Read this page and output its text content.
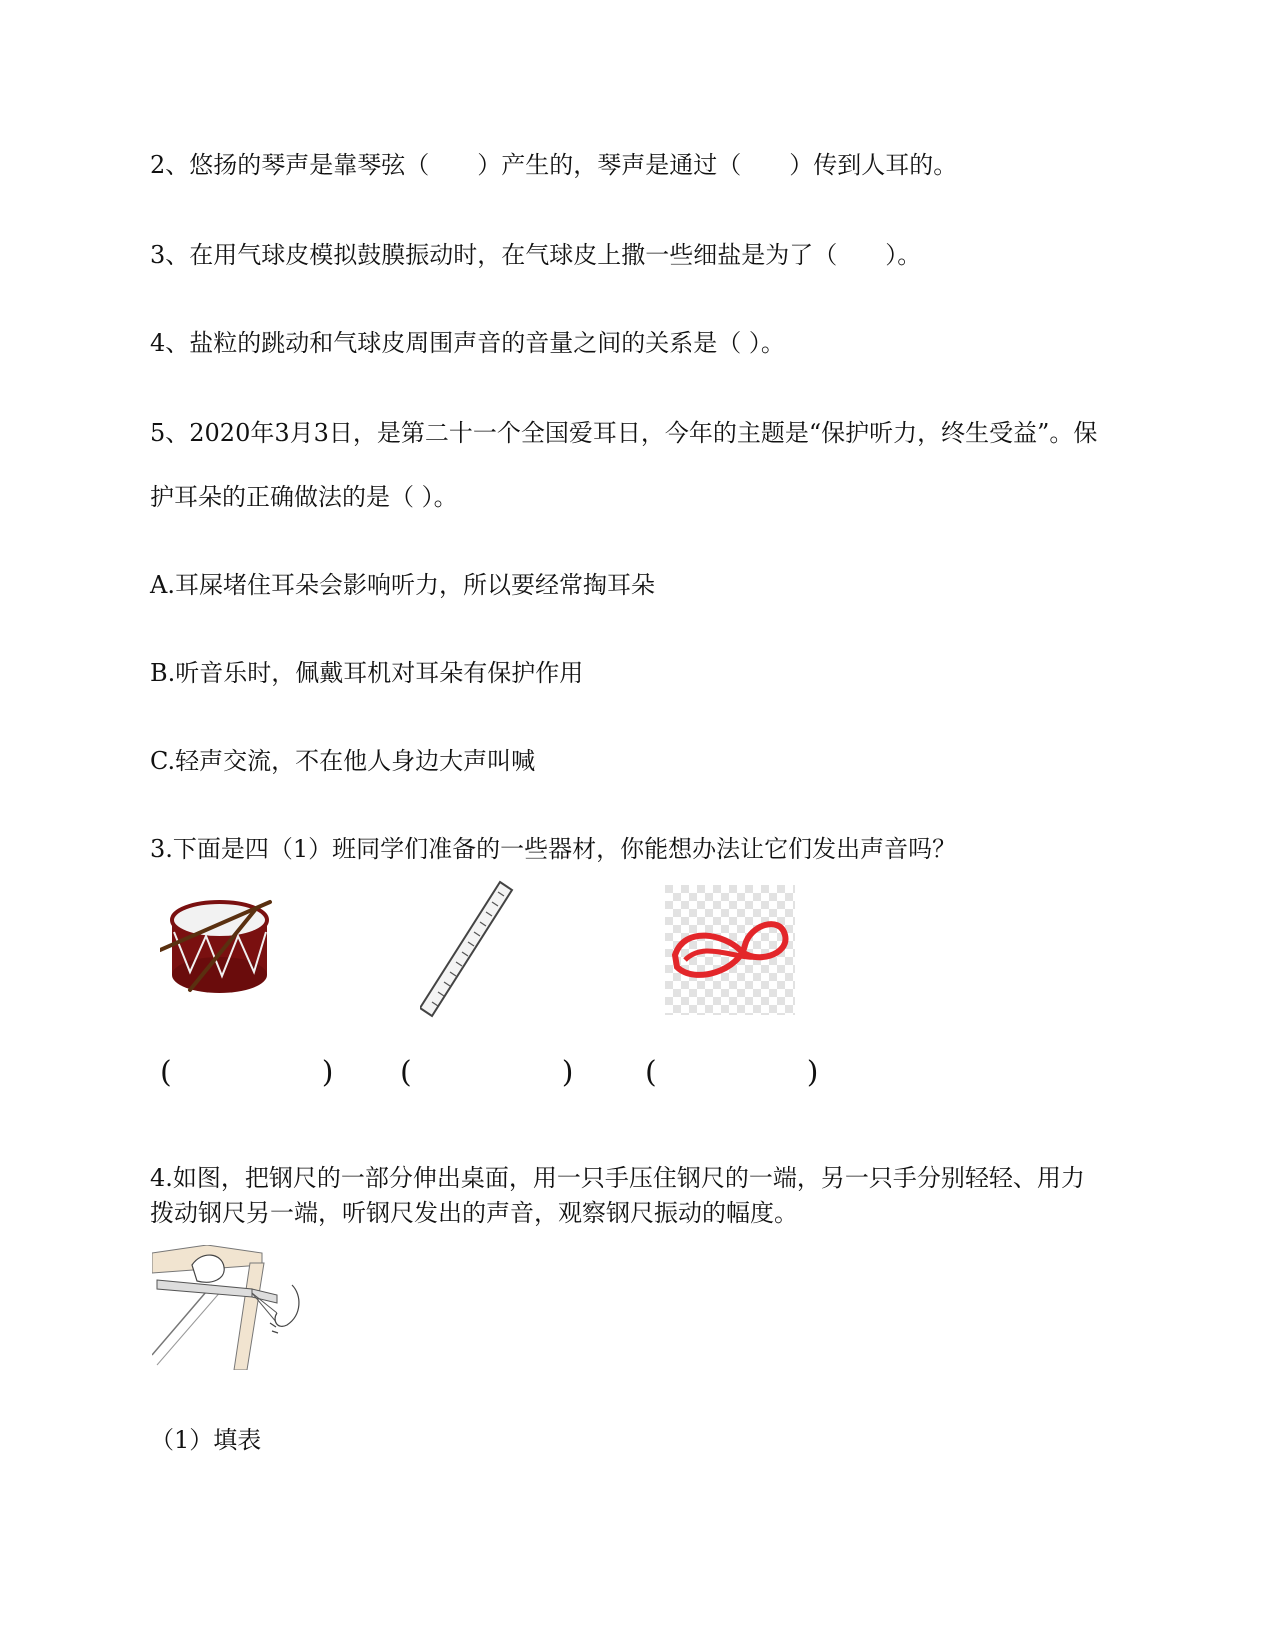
2、悠扬的琴声是靠琴弦（　　）产生的，琴声是通过（　　）传到人耳的。
3、在用气球皮模拟鼓膜振动时，在气球皮上撒一些细盐是为了（　　）。
4、盐粒的跳动和气球皮周围声音的音量之间的关系是（ ）。
5、2020年3月3日，是第二十一个全国爱耳日，今年的主题是“保护听力，终生受益”。保
护耳朵的正确做法的是（ ）。
A.耳屎堵住耳朵会影响听力，所以要经常掏耳朵
B.听音乐时，佩戴耳机对耳朵有保护作用
C.轻声交流，不在他人身边大声叫喊
3.下面是四（1）班同学们准备的一些器材，你能想办法让它们发出声音吗？
(　　　　　) (　　　　　) (　　　　　)
4.如图，把钢尺的一部分伸出桌面，用一只手压住钢尺的一端，另一只手分别轻轻、用力
拨动钢尺另一端，听钢尺发出的声音，观察钢尺振动的幅度。
（1）填表
